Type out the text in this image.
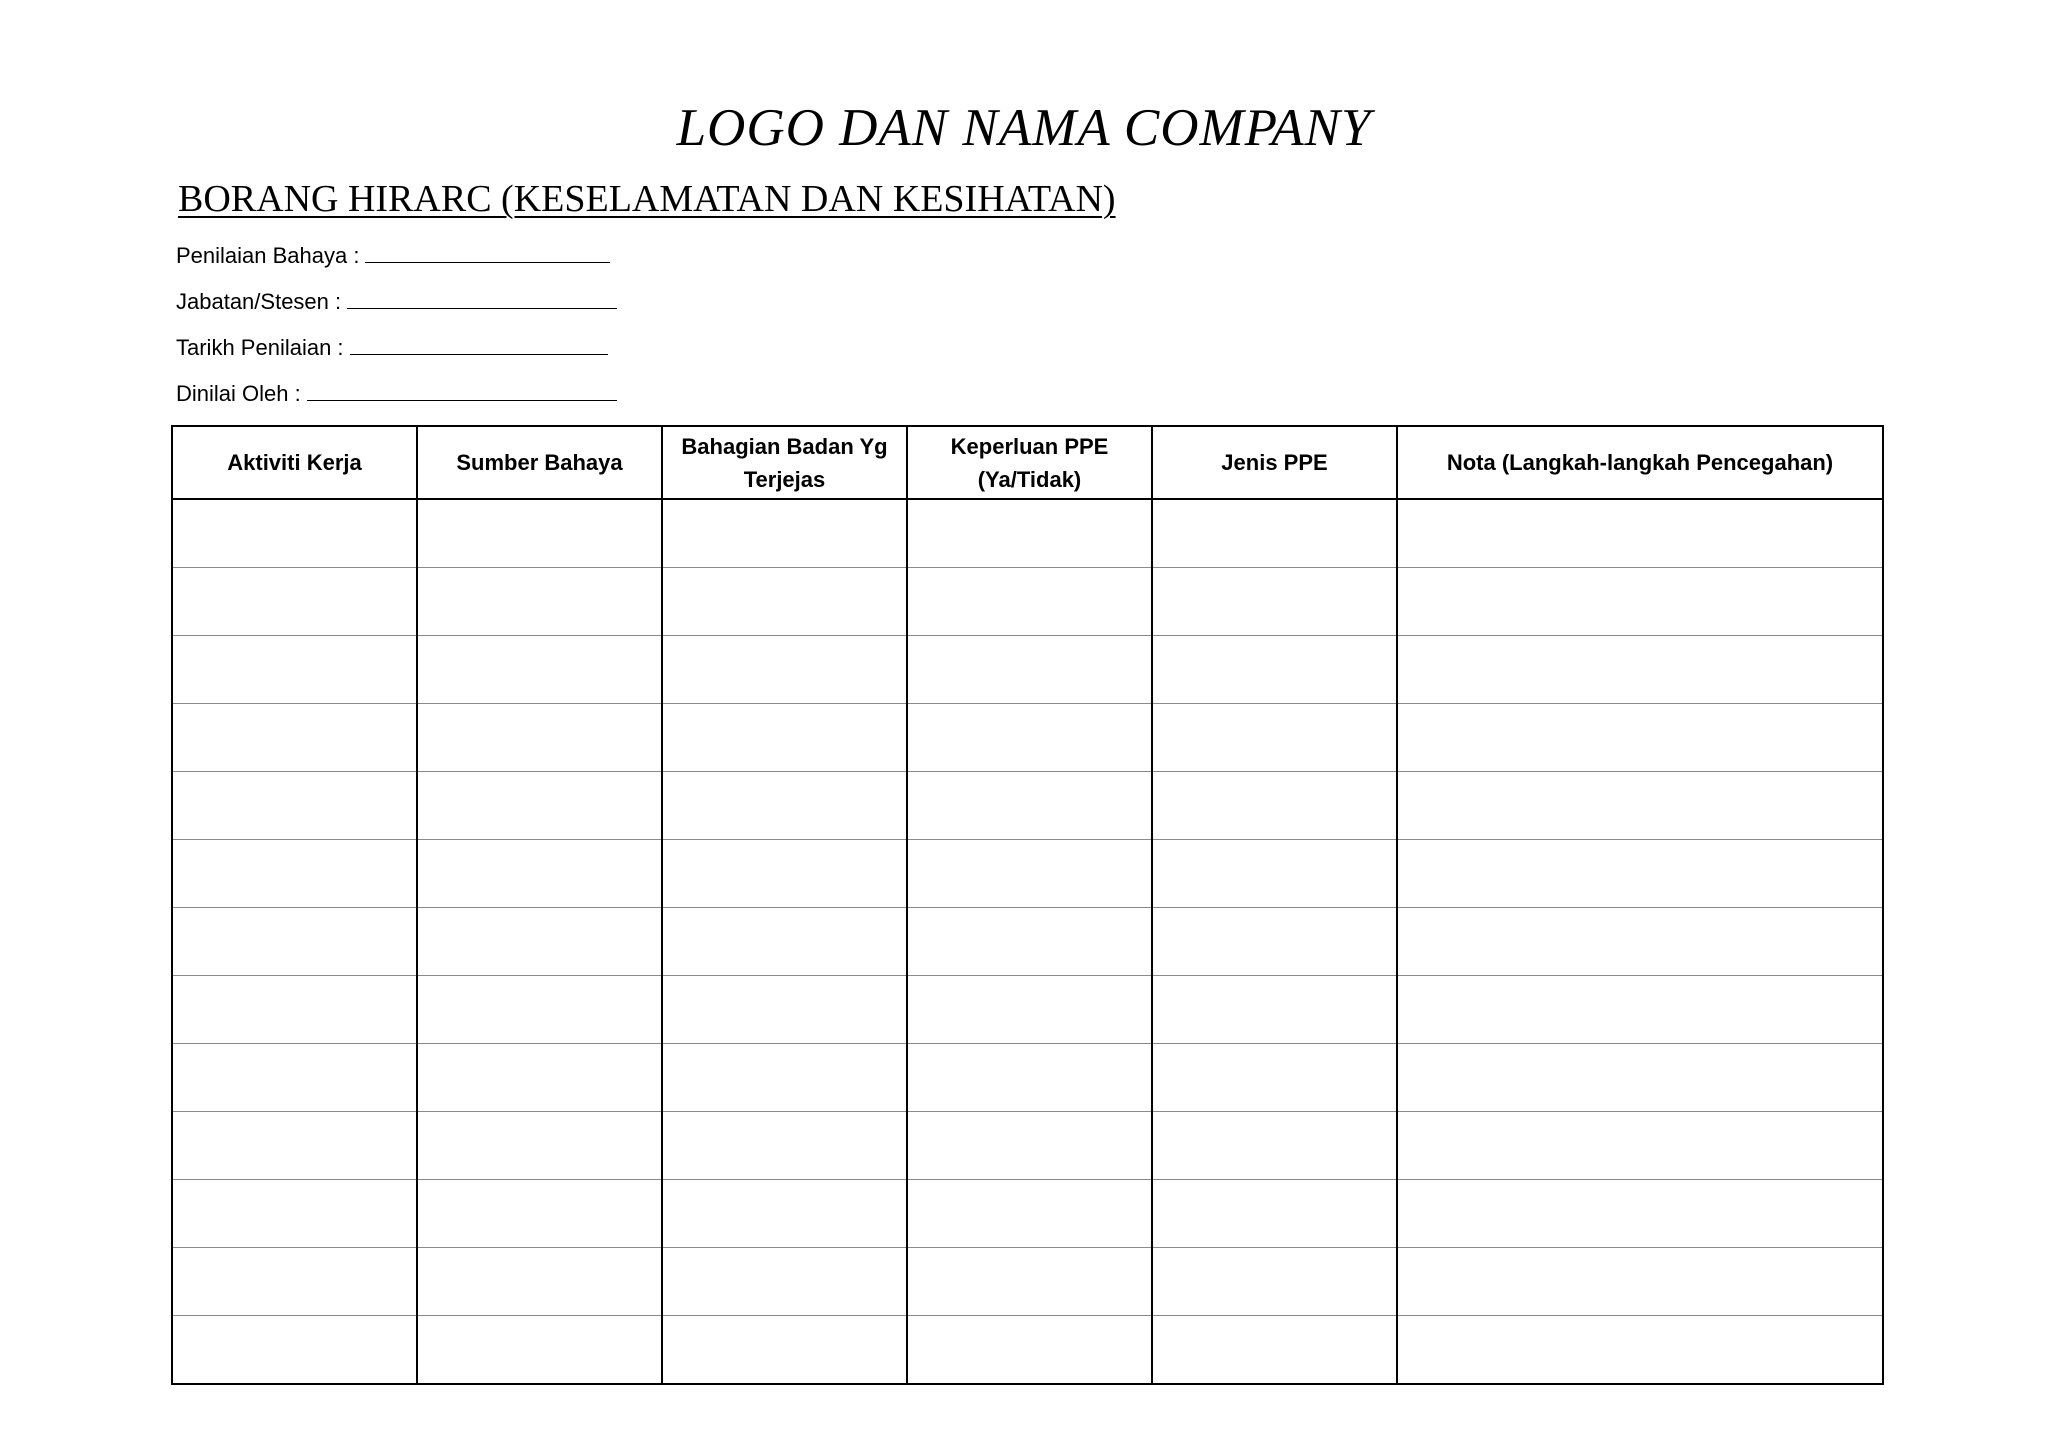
LOGO DAN NAMA COMPANY
BORANG HIRARC (KESELAMATAN DAN KESIHATAN)
Penilaian Bahaya :
Jabatan/Stesen :
Tarikh Penilaian :
Dinilai Oleh :
Aktiviti Kerja	Sumber Bahaya	Bahagian Badan Yg Terjejas	Keperluan PPE (Ya/Tidak)	Jenis PPE	Nota (Langkah-langkah Pencegahan)
